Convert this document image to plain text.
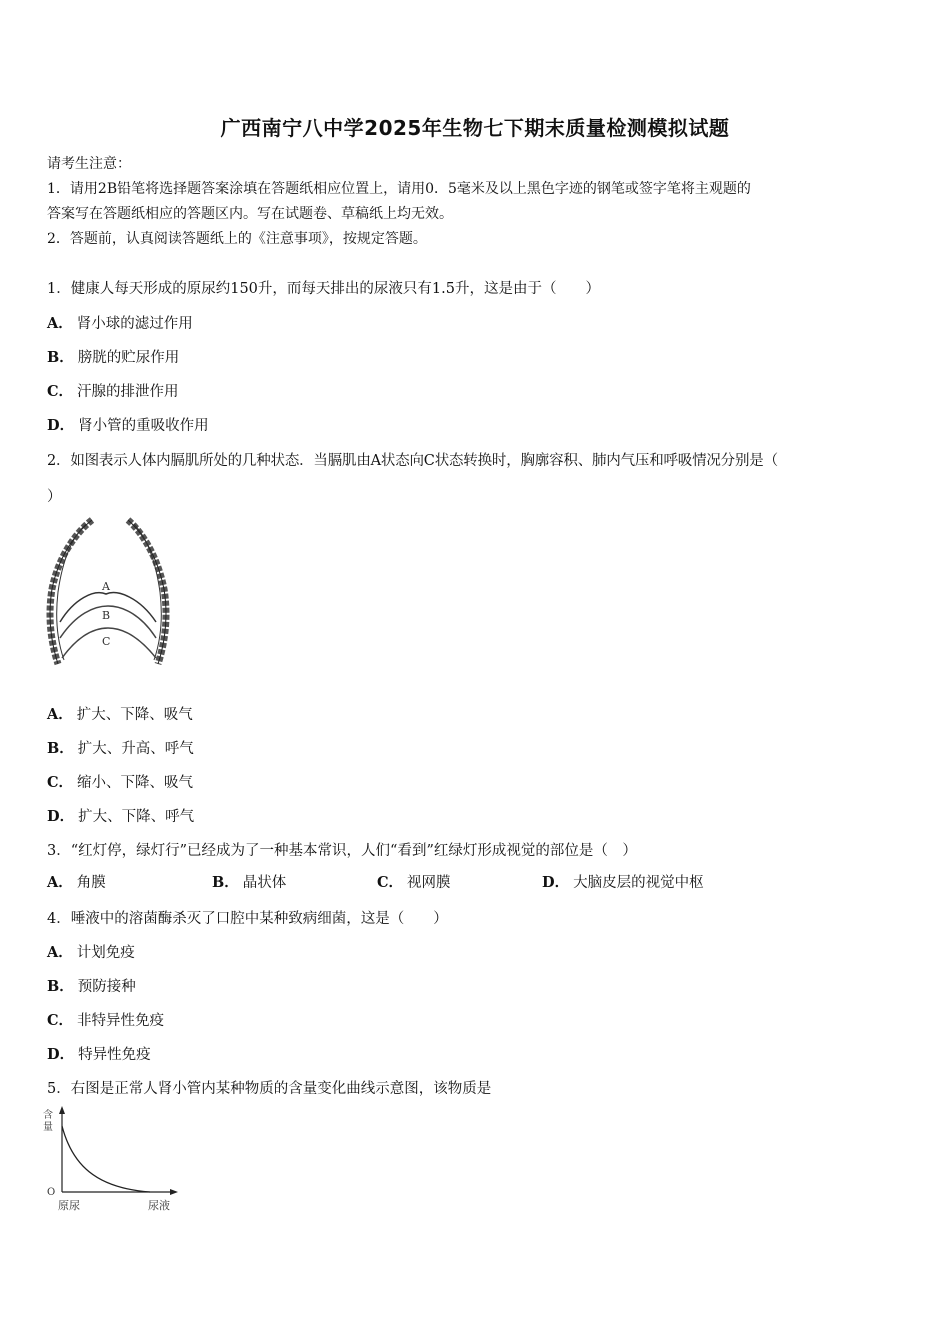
广西南宁八中学2025年生物七下期末质量检测模拟试题
请考生注意：
1．请用2B铅笔将选择题答案涂填在答题纸相应位置上，请用0．5毫米及以上黑色字迹的钢笔或签字笔将主观题的
答案写在答题纸相应的答题区内。写在试题卷、草稿纸上均无效。
2．答题前，认真阅读答题纸上的《注意事项》，按规定答题。
1．健康人每天形成的原尿约150升，而每天排出的尿液只有1.5升，这是由于（　　）
A． 肾小球的滤过作用
B． 膀胱的贮尿作用
C． 汗腺的排泄作用
D． 肾小管的重吸收作用
2．如图表示人体内膈肌所处的几种状态．当膈肌由A状态向C状态转换时，胸廓容积、肺内气压和呼吸情况分别是（
）
A
B
C
A． 扩大、下降、吸气
B． 扩大、升高、呼气
C． 缩小、下降、吸气
D． 扩大、下降、呼气
3．“红灯停，绿灯行”已经成为了一种基本常识，人们“看到”红绿灯形成视觉的部位是（　）
A． 角膜	B． 晶状体	C． 视网膜	D． 大脑皮层的视觉中枢
4．唾液中的溶菌酶杀灭了口腔中某种致病细菌，这是（　　）
A． 计划免疫
B． 预防接种
C． 非特异性免疫
D． 特异性免疫
5．右图是正常人肾小管内某种物质的含量变化曲线示意图，该物质是
含
量
O
原尿	尿液
